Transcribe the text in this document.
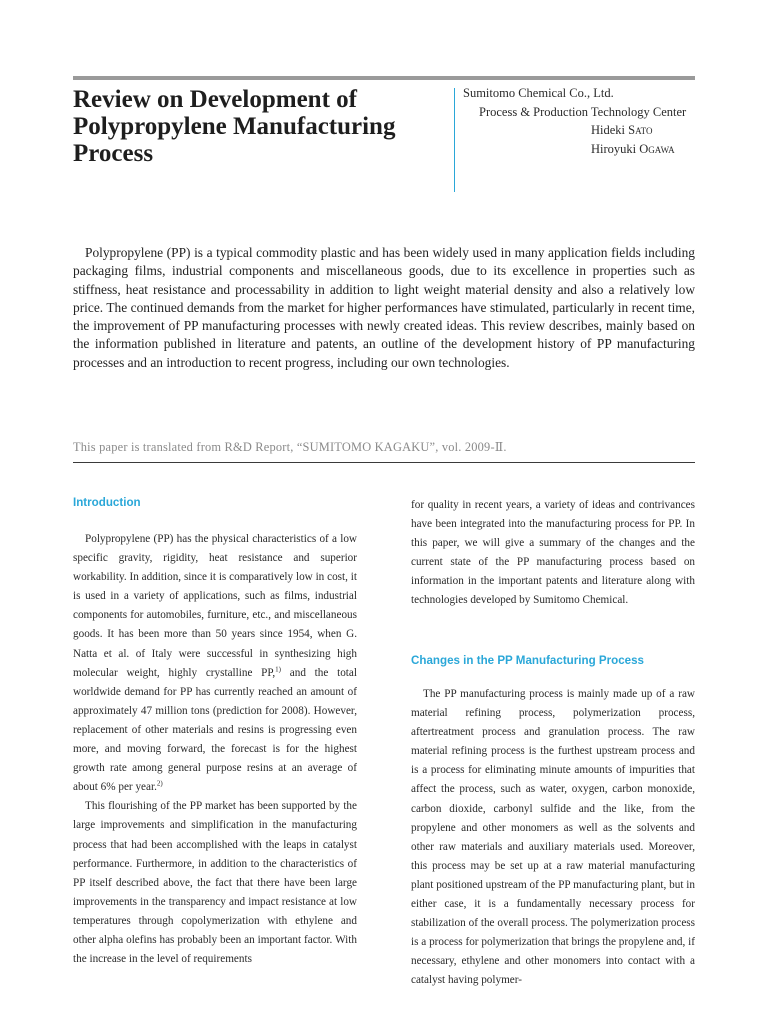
Review on Development of
Polypropylene Manufacturing
Process
Sumitomo Chemical Co., Ltd.
Process & Production Technology Center
Hideki Sato
Hiroyuki Ogawa
Polypropylene (PP) is a typical commodity plastic and has been widely used in many application fields including packaging films, industrial components and miscellaneous goods, due to its excellence in properties such as stiffness, heat resistance and processability in addition to light weight material density and also a relatively low price. The continued demands from the market for higher performances have stimulated, particularly in recent time, the improvement of PP manufacturing processes with newly created ideas. This review describes, mainly based on the information published in literature and patents, an outline of the development history of PP manufacturing processes and an introduction to recent progress, including our own technologies.
This paper is translated from R&D Report, “SUMITOMO KAGAKU”, vol. 2009-Ⅱ.
Introduction

Polypropylene (PP) has the physical characteristics of a low specific gravity, rigidity, heat resistance and superior workability. In addition, since it is comparatively low in cost, it is used in a variety of applications, such as films, industrial components for automobiles, furniture, etc., and miscellaneous goods. It has been more than 50 years since 1954, when G. Natta et al. of Italy were successful in synthesizing high molecular weight, highly crystalline PP,$^{1)}$ and the total worldwide demand for PP has currently reached an amount of approximately 47 million tons (prediction for 2008). However, replacement of other materials and resins is progressing even more, and moving forward, the forecast is for the highest growth rate among general purpose resins at an average of about 6% per year.$^{2)}$

This flourishing of the PP market has been supported by the large improvements and simplification in the manufacturing process that had been accomplished with the leaps in catalyst performance. Furthermore, in addition to the characteristics of PP itself described above, the fact that there have been large improvements in the transparency and impact resistance at low temperatures through copolymerization with ethylene and other alpha olefins has probably been an important factor. With the increase in the level of requirements

for quality in recent years, a variety of ideas and contrivances have been integrated into the manufacturing process for PP. In this paper, we will give a summary of the changes and the current state of the PP manufacturing process based on information in the important patents and literature along with technologies developed by Sumitomo Chemical.

Changes in the PP Manufacturing Process

The PP manufacturing process is mainly made up of a raw material refining process, polymerization process, aftertreatment process and granulation process. The raw material refining process is the furthest upstream process and is a process for eliminating minute amounts of impurities that affect the process, such as water, oxygen, carbon monoxide, carbon dioxide, carbonyl sulfide and the like, from the propylene and other monomers as well as the solvents and other raw materials and auxiliary materials used. Moreover, this process may be set up at a raw material manufacturing plant positioned upstream of the PP manufacturing plant, but in either case, it is a fundamentally necessary process for stabilization of the overall process. The polymerization process is a process for polymerization that brings the propylene and, if necessary, ethylene and other monomers into contact with a catalyst having polymer-
